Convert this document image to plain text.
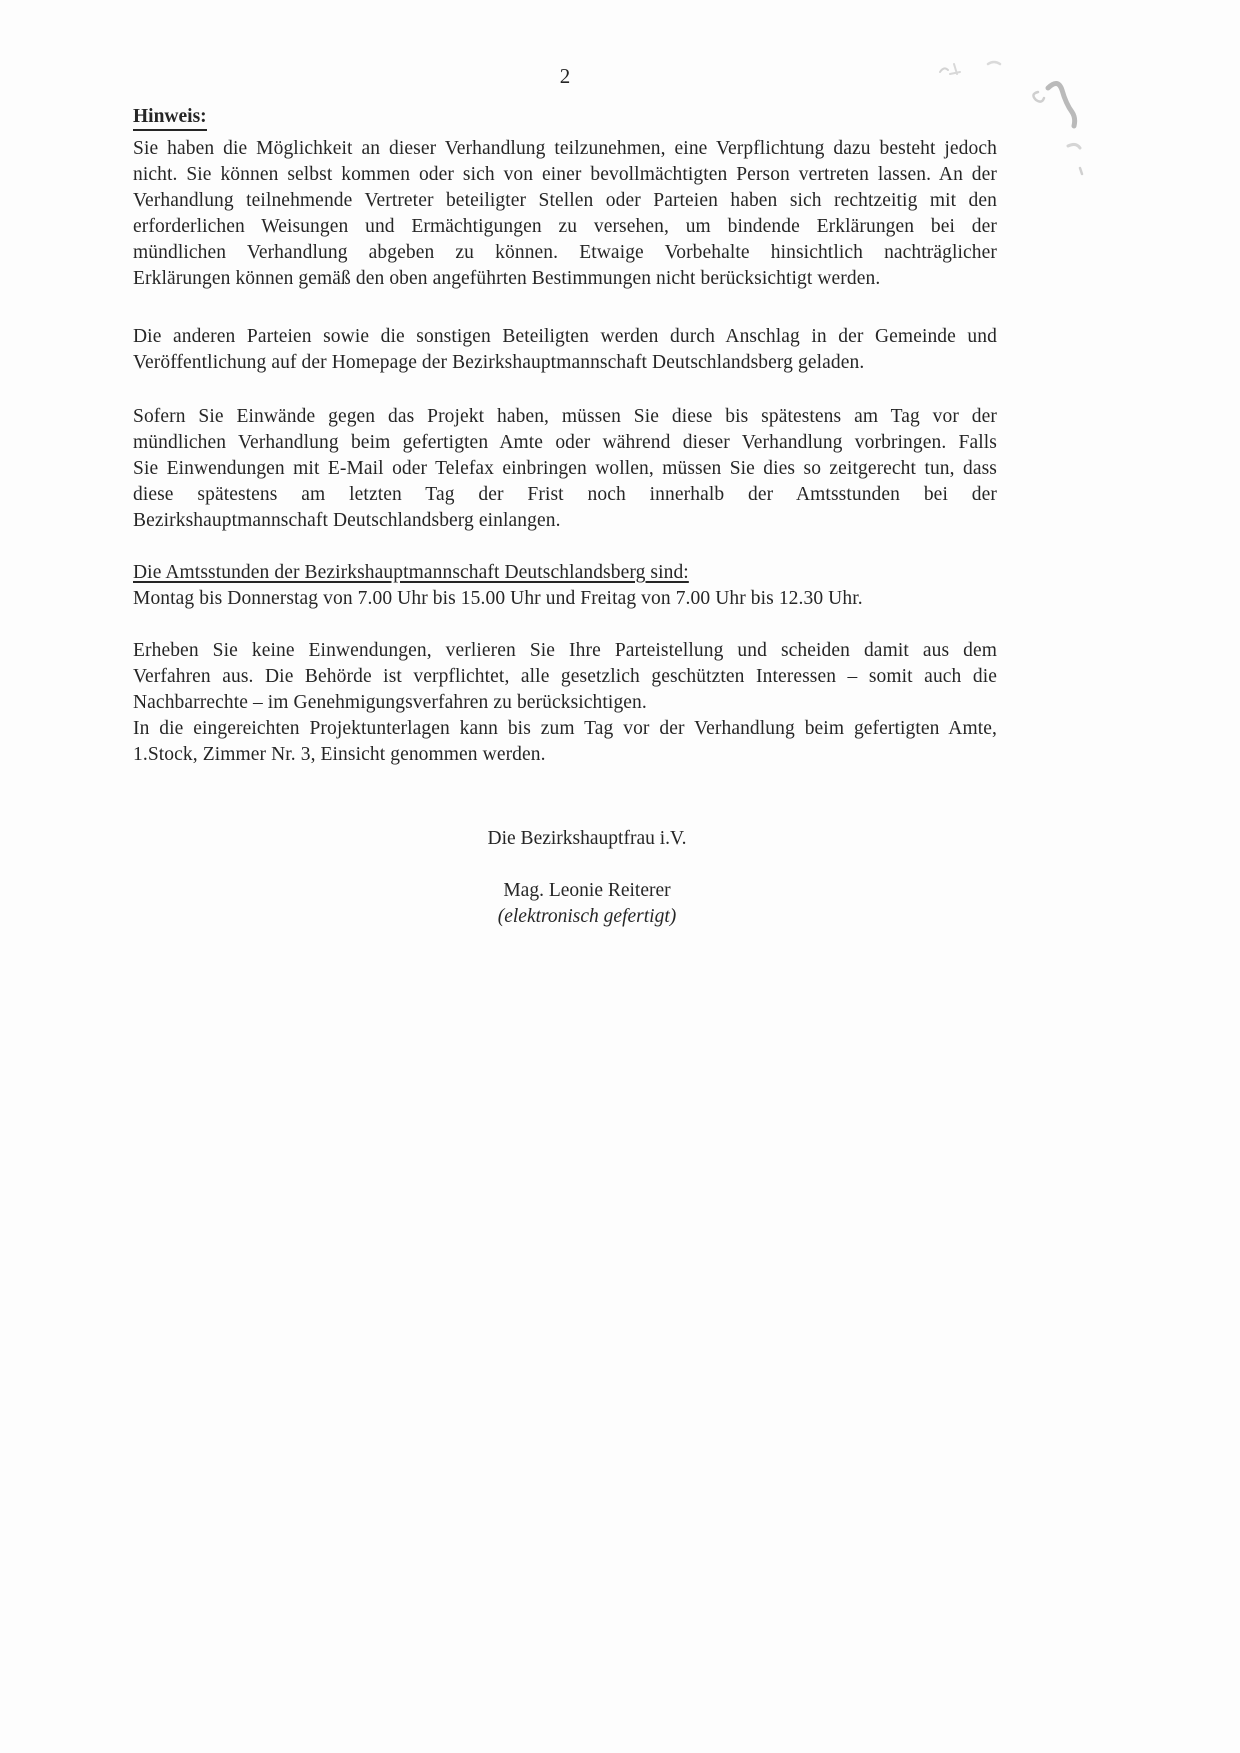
2
Hinweis:
Sie haben die Möglichkeit an dieser Verhandlung teilzunehmen, eine Verpflichtung dazu besteht jedoch
nicht. Sie können selbst kommen oder sich von einer bevollmächtigten Person vertreten lassen. An der
Verhandlung teilnehmende Vertreter beteiligter Stellen oder Parteien haben sich rechtzeitig mit den
erforderlichen Weisungen und Ermächtigungen zu versehen, um bindende Erklärungen bei der
mündlichen Verhandlung abgeben zu können. Etwaige Vorbehalte hinsichtlich nachträglicher
Erklärungen können gemäß den oben angeführten Bestimmungen nicht berücksichtigt werden.
Die anderen Parteien sowie die sonstigen Beteiligten werden durch Anschlag in der Gemeinde und
Veröffentlichung auf der Homepage der Bezirkshauptmannschaft Deutschlandsberg geladen.
Sofern Sie Einwände gegen das Projekt haben, müssen Sie diese bis spätestens am Tag vor der
mündlichen Verhandlung beim gefertigten Amte oder während dieser Verhandlung vorbringen. Falls
Sie Einwendungen mit E-Mail oder Telefax einbringen wollen, müssen Sie dies so zeitgerecht tun, dass
diese spätestens am letzten Tag der Frist noch innerhalb der Amtsstunden bei der
Bezirkshauptmannschaft Deutschlandsberg einlangen.
Die Amtsstunden der Bezirkshauptmannschaft Deutschlandsberg sind:
Montag bis Donnerstag von 7.00 Uhr bis 15.00 Uhr und Freitag von 7.00 Uhr bis 12.30 Uhr.
Erheben Sie keine Einwendungen, verlieren Sie Ihre Parteistellung und scheiden damit aus dem
Verfahren aus. Die Behörde ist verpflichtet, alle gesetzlich geschützten Interessen – somit auch die
Nachbarrechte – im Genehmigungsverfahren zu berücksichtigen.
In die eingereichten Projektunterlagen kann bis zum Tag vor der Verhandlung beim gefertigten Amte,
1.Stock, Zimmer Nr. 3, Einsicht genommen werden.
Die Bezirkshauptfrau i.V.
Mag. Leonie Reiterer
(elektronisch gefertigt)
